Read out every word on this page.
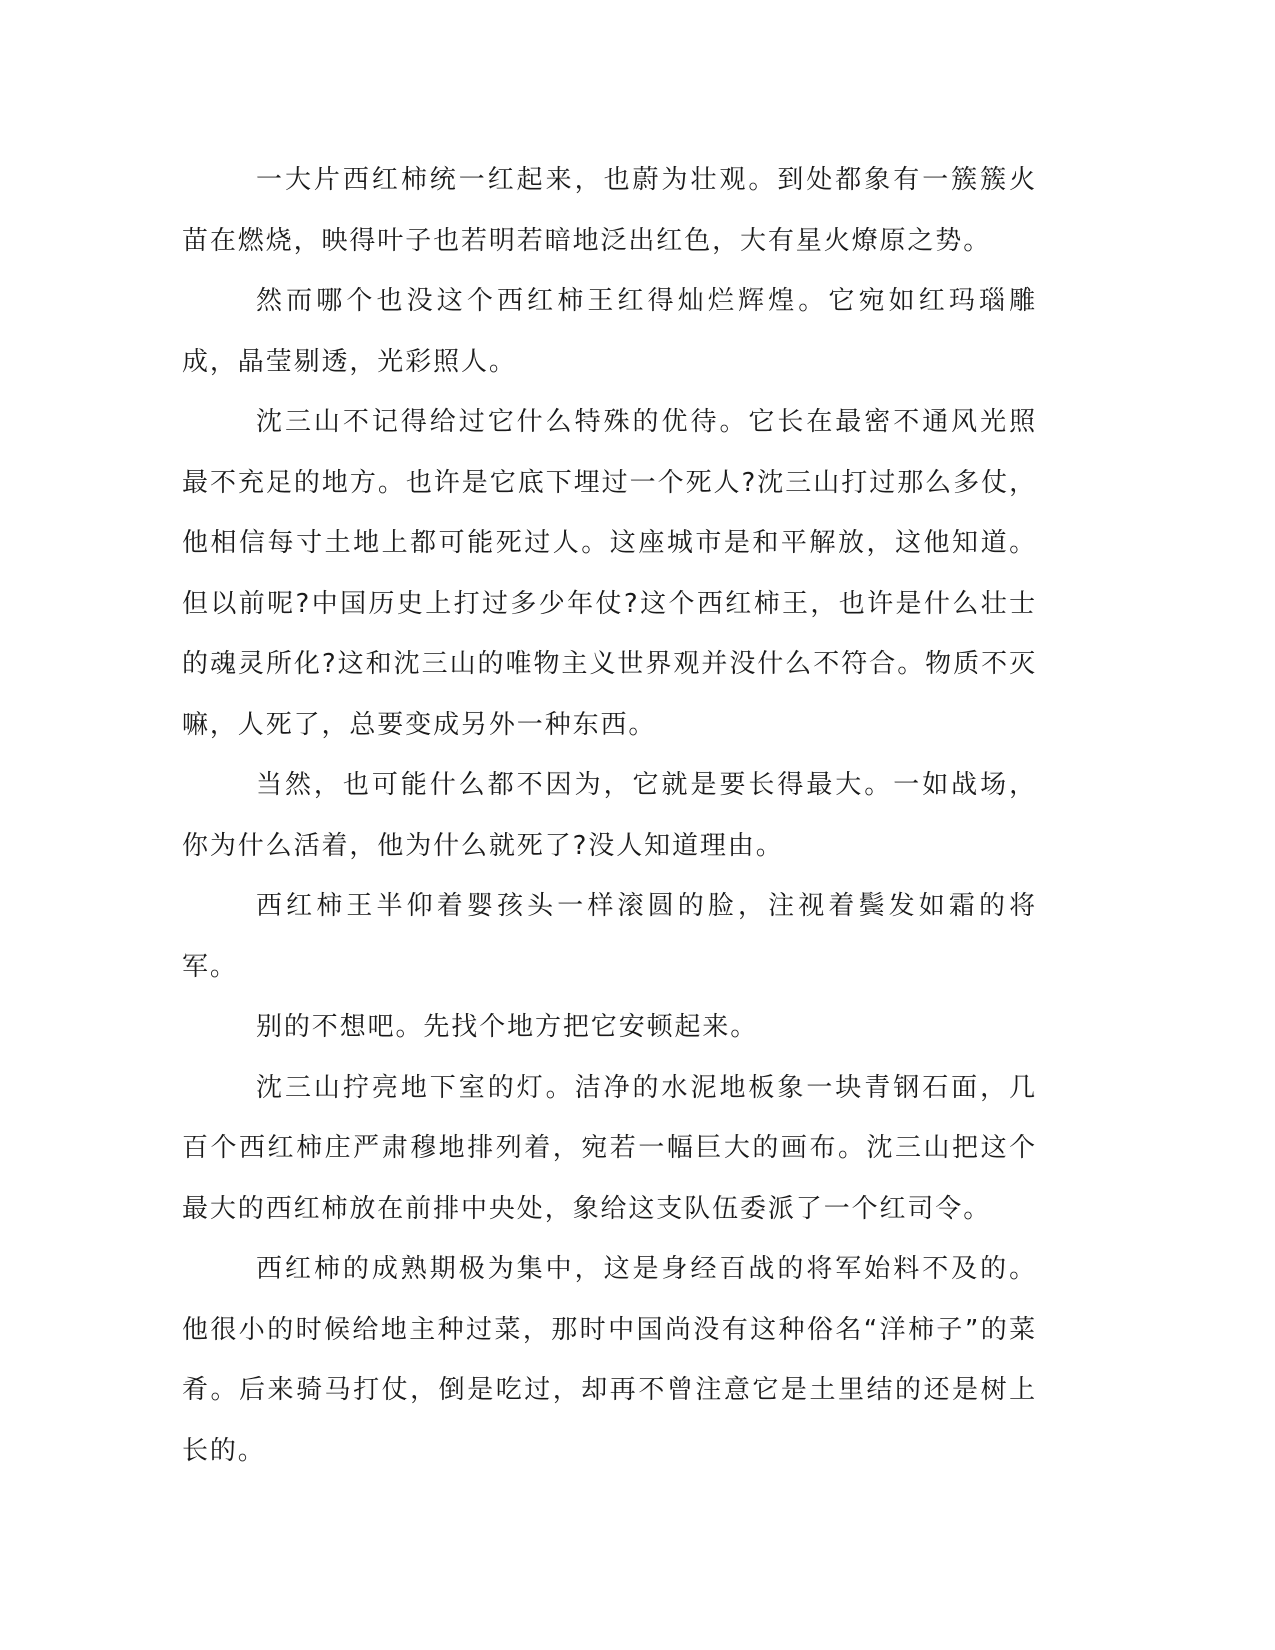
一大片西红柿统一红起来，也蔚为壮观。到处都象有一簇簇火苗在燃烧，映得叶子也若明若暗地泛出红色，大有星火燎原之势。

然而哪个也没这个西红柿王红得灿烂辉煌。它宛如红玛瑙雕成，晶莹剔透，光彩照人。

沈三山不记得给过它什么特殊的优待。它长在最密不通风光照最不充足的地方。也许是它底下埋过一个死人?沈三山打过那么多仗，他相信每寸土地上都可能死过人。这座城市是和平解放，这他知道。但以前呢?中国历史上打过多少年仗?这个西红柿王，也许是什么壮士的魂灵所化?这和沈三山的唯物主义世界观并没什么不符合。物质不灭嘛，人死了，总要变成另外一种东西。

当然，也可能什么都不因为，它就是要长得最大。一如战场，你为什么活着，他为什么就死了?没人知道理由。

西红柿王半仰着婴孩头一样滚圆的脸，注视着鬓发如霜的将军。

别的不想吧。先找个地方把它安顿起来。

沈三山拧亮地下室的灯。洁净的水泥地板象一块青钢石面，几百个西红柿庄严肃穆地排列着，宛若一幅巨大的画布。沈三山把这个最大的西红柿放在前排中央处，象给这支队伍委派了一个红司令。

西红柿的成熟期极为集中，这是身经百战的将军始料不及的。他很小的时候给地主种过菜，那时中国尚没有这种俗名“洋柿子”的菜肴。后来骑马打仗，倒是吃过，却再不曾注意它是土里结的还是树上长的。
